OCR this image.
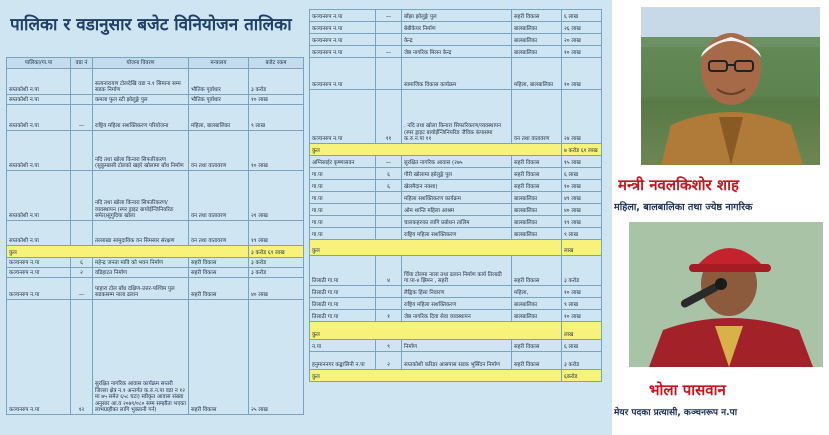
पालिका र वडानुसार बजेट विनियोजन तालिका
पालिका/गा.पा	वडा नं	योजना विवरण	मन्त्रालय	बजेट रकम
सप्तकोशी न.पा		सत्यनारायण टोलदेखि वडा न.१ सिमाना सम्म सडक निर्माण	भौतिक पूर्वाधार	३ करोड
सप्तकोशी न.पा		कमला फुल स्टी झोलुङ्गे पुल	भौतिक पूर्वाधार	१० लाख
सप्तकोशी न.पा	—	राष्ट्रिय महिला सशक्तिकरण परियोजना	महिला, बालबालिका	९ लाख
सप्तकोशी न.पा		नदि तथा खोला किनारा सिफारिकरण (सुकुम्बासी टोलको खहरे खोलामा बाँध निर्माण	वन तथा वातावरण	१० लाख
सप्तकोशी न.पा		नदि तथा खोला किनारा सिफारिकरण/व्यवस्थापन (स्पर ड्राइट बायोईन्जिनियरिङ समेत)सुगुदिया खोला	वन तथा वातावरण	२१ लाख
सप्तकोशी न.पा		तल्लाखा सामुदायिक वन सिमसार संरक्षण	वन तथा वातावरण	१९ लाख
कुल				३ करोड ६९ लाख
कञ्चनरुप न.पा	६	महेन्द्र जनता मावि को भवन निर्माण	सहरी विकास	३ करोड
कञ्चनरुप न.पा	२	वडिहाटत निर्माण	सहरी विकास	३ करोड
कञ्चनरुप न.पा	—	पाहारा टोल बाँध दक्षिण-उत्तर-पश्चिम पुल सडकसम्म नाला ढलान	सहरी विकास	४० लाख
कञ्चनरुप न.पा	१२	सुरक्षित नागरिक आवास कार्यक्रम सप्तरी जिल्ला क्षेत्र न.१ अन्तर्गत क.रु.न.पा वडा न १२ मा ७५ समेत ६५८ घटा) स्वीकृत आवास संख्या अनुसार आ.व २०७९/०८० सम्म सम्झौता भएका लाभग्राहीका लागि भुक्तानी गर्न)	सहरी विकास	२५ लाख
कञ्चनरुप न.पा	—	बाँझा झोलुङ्गे पुल	सहरी विकास	६ लाख
कञ्चनरुप न.पा		बेबीकेयर निर्माण	बालबालिका	२६ लाख
कञ्चनरुप न.पा		केन्द्र	बालबालिका	२० लाख
कञ्चनरुप न.पा	—	जेष्ठ नागरिक मिलन केन्द्र	बालबालिका	१० लाख
कञ्चनरुप न.पा		सामाजिक विकास कार्यक्रम	महिला, बालबालिका	१० लाख
कञ्चनरुप न.पा	११	. नदि तथा खोला किनारा सिफारिकरण/व्यवस्थापन (स्पर ड्राइट बायोईन्जिनियरिङ जैविक कंपासमा क.रु.न.पा ११	वन तथा वातावरण	२४ लाख
कुल				७ करोड ६१ लाख
अग्निसाईर कृष्णासवन	—	सुरक्षित नागरिक आवास (२७५	सहरी विकास	१५ लाख
गा.पा	६	गौरी खोलामा झोलुङ्गे पुल	सहरी विकास	६ लाख
गा.पा	६	खेलमैदान नक्शा)	सहरी विकास	१० लाख
गा.पा		महिला सशक्तिकरण कार्यक्रम	बालबालिका	४९ लाख
गा.पा		ओम शान्ति महिला आश्रम	बालबालिका	४० लाख
गा.पा		चालकहरुका लागि प्रबोधन तालिम	बालबालिका	१९ लाख
गा.पा		राष्ट्रिय महिला सशक्तिकरण	बालबालिका	९ लाख
कुल				लाख
तिलाठी गा.पा	४	चिँया टोलमा नाला तथा ढलान निर्माण कार्य तिलाठी गा.पा-४ झिमन , सहरी	सहरी विकास	३ करोड
तिलाठी गा.पा		लैङ्गिक हिंसा निवारण	महिला,	१० लाख
तिलाठी गा.पा		राष्ट्रिय महिला सशक्तिकरण	बालबालिका	९ लाख
तिलाठी गा.पा	१	जेष्ठ नागरिक दिवा सेवा व्यवस्थापन	बालबालिका	१० लाख
कुल				लाख
न.पा	९	निर्माण	सहरी विकास	६ लाख
हनुमाननगर कङ्कालिनी न.पा	२	सप्तकोशी करिडर आसपास सडक भूसिँदन निर्माण	सहरी विकास	३ करोड
कुल				६करोड
मन्त्री नवलकिशोर शाह
महिला, बालबालिका तथा ज्येष्ठ नागरिक
भोला पासवान
मेयर पदका प्रत्यासी, कञ्चनरूप न.पा
